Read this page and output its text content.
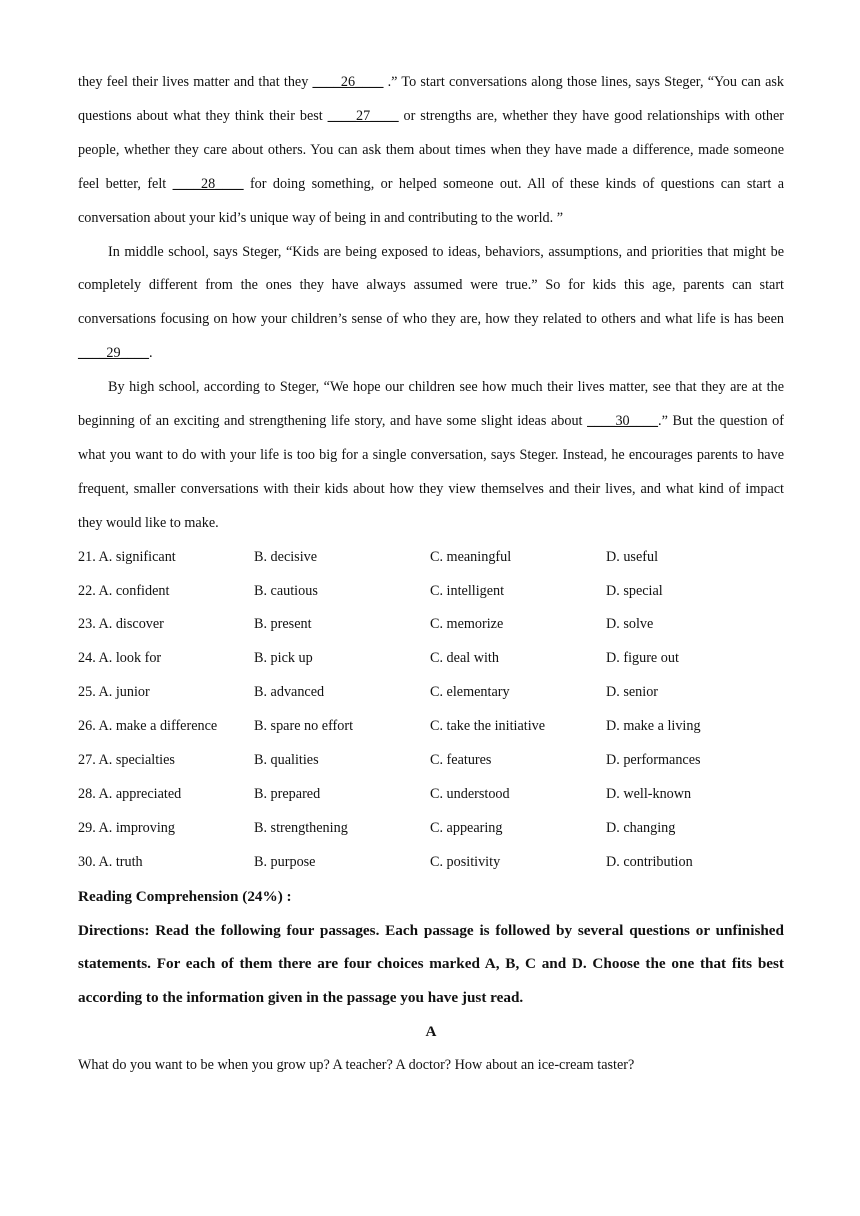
they feel their lives matter and that they ____26____ .” To start conversations along those lines, says Steger, “You can ask questions about what they think their best ____27____ or strengths are, whether they have good relationships with other people, whether they care about others. You can ask them about times when they have made a difference, made someone feel better, felt ____28____ for doing something, or helped someone out. All of these kinds of questions can start a conversation about your kid’s unique way of being in and contributing to the world. ”

In middle school, says Steger, “Kids are being exposed to ideas, behaviors, assumptions, and priorities that might be completely different from the ones they have always assumed were true.” So for kids this age, parents can start conversations focusing on how your children’s sense of who they are, how they related to others and what life is has been ____29____.

By high school, according to Steger, “We hope our children see how much their lives matter, see that they are at the beginning of an exciting and strengthening life story, and have some slight ideas about ____30____.” But the question of what you want to do with your life is too big for a single conversation, says Steger. Instead, he encourages parents to have frequent, smaller conversations with their kids about how they view themselves and their lives, and what kind of impact they would like to make.

21. A. significant	B. decisive	C. meaningful	D. useful
22. A. confident	B. cautious	C. intelligent	D. special
23. A. discover	B. present	C. memorize	D. solve
24. A. look for	B. pick up	C. deal with	D. figure out
25. A. junior	B. advanced	C. elementary	D. senior
26. A. make a difference	B. spare no effort	C. take the initiative	D. make a living
27. A. specialties	B. qualities	C. features	D. performances
28. A. appreciated	B. prepared	C. understood	D. well-known
29. A. improving	B. strengthening	C. appearing	D. changing
30. A. truth	B. purpose	C. positivity	D. contribution

Reading Comprehension (24%) :

Directions: Read the following four passages. Each passage is followed by several questions or unfinished statements. For each of them there are four choices marked A, B, C and D. Choose the one that fits best according to the information given in the passage you have just read.

A

What do you want to be when you grow up? A teacher? A doctor? How about an ice-cream taster?
